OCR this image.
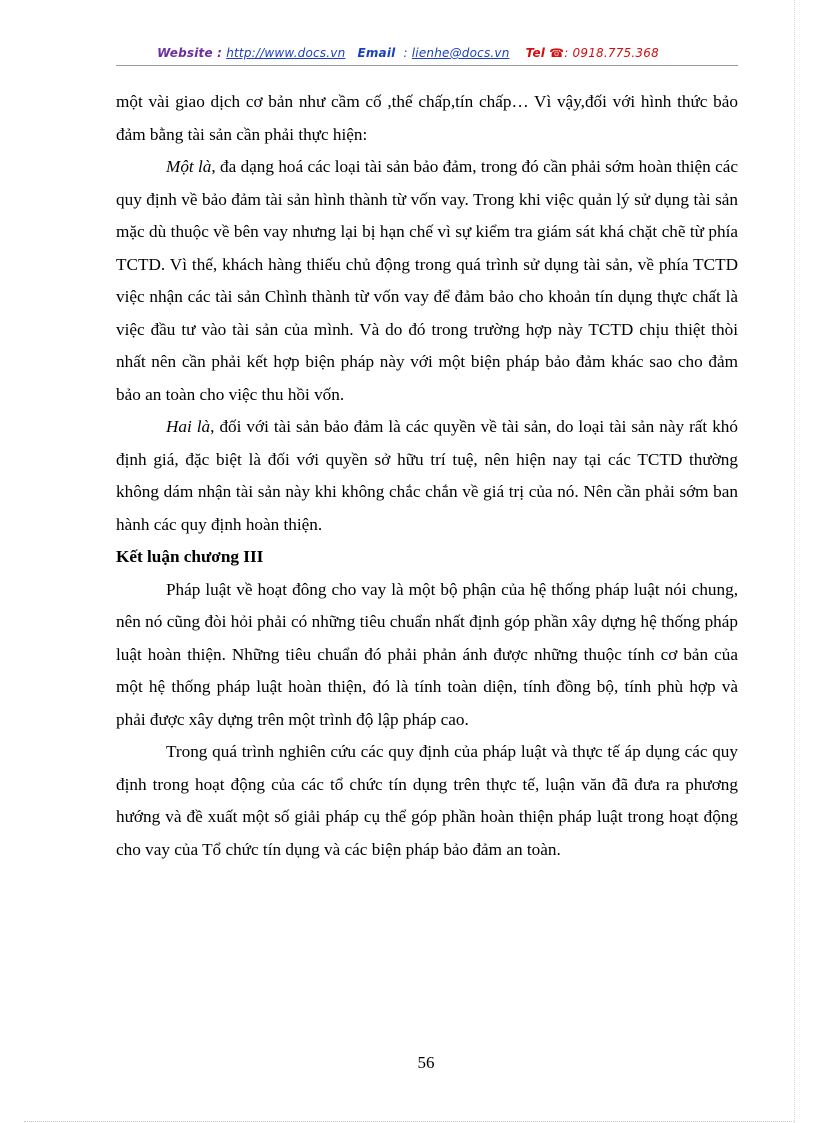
Website : http://www.docs.vn Email : lienhe@docs.vn Tel ☎: 0918.775.368

một vài giao dịch cơ bản như cầm cố ,thế chấp,tín chấp… Vì vậy,đối với hình thức bảo đảm bằng tài sản cần phải thực hiện:

Một là, đa dạng hoá các loại tài sản bảo đảm, trong đó cần phải sớm hoàn thiện các quy định về bảo đảm tài sản hình thành từ vốn vay. Trong khi việc quản lý sử dụng tài sản mặc dù thuộc về bên vay nhưng lại bị hạn chế vì sự kiểm tra giám sát khá chặt chẽ từ phía TCTD. Vì thế, khách hàng thiếu chủ động trong quá trình sử dụng tài sản, về phía TCTD việc nhận các tài sản Chình thành từ vốn vay để đảm bảo cho khoản tín dụng thực chất là việc đầu tư vào tài sản của mình. Và do đó trong trường hợp này TCTD chịu thiệt thòi nhất nên cần phải kết hợp biện pháp này với một biện pháp bảo đảm khác sao cho đảm bảo an toàn cho việc thu hồi vốn.

Hai là, đối với tài sản bảo đảm là các quyền về tài sản, do loại tài sản này rất khó định giá, đặc biệt là đối với quyền sở hữu trí tuệ, nên hiện nay tại các TCTD thường không dám nhận tài sản này khi không chắc chắn về giá trị của nó. Nên cần phải sớm ban hành các quy định hoàn thiện.

Kết luận chương III

Pháp luật về hoạt đông cho vay là một bộ phận của hệ thống pháp luật nói chung, nên nó cũng đòi hỏi phải có những tiêu chuẩn nhất định góp phần xây dựng hệ thống pháp luật hoàn thiện. Những tiêu chuẩn đó phải phản ánh được những thuộc tính cơ bản của một hệ thống pháp luật hoàn thiện, đó là tính toàn diện, tính đồng bộ, tính phù hợp và phải được xây dựng trên một trình độ lập pháp cao.

Trong quá trình nghiên cứu các quy định của pháp luật và thực tế áp dụng các quy định trong hoạt động của các tổ chức tín dụng trên thực tế, luận văn đã đưa ra phương hướng và đề xuất một số giải pháp cụ thể góp phần hoàn thiện pháp luật trong hoạt động cho vay của Tổ chức tín dụng và các biện pháp bảo đảm an toàn.

56
